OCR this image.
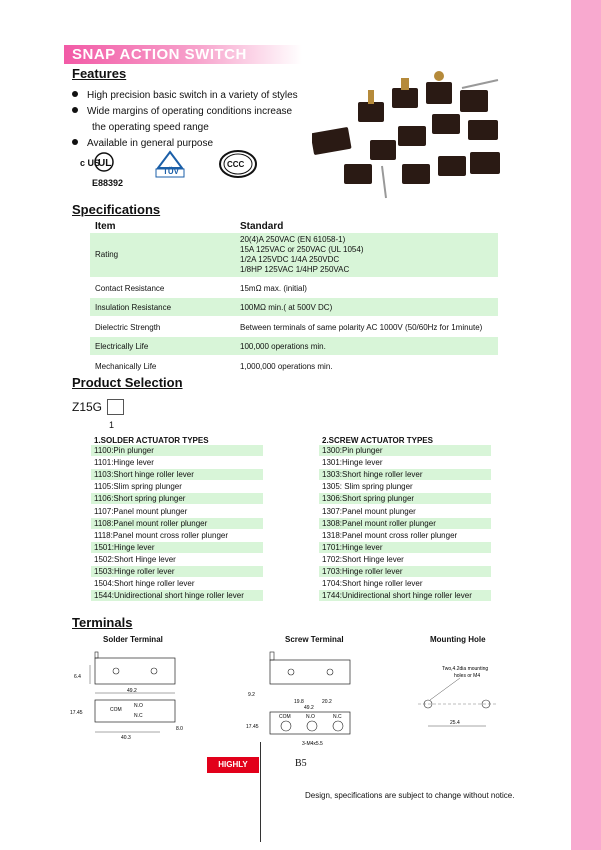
SNAP ACTION SWITCH
Features
High precision basic switch in a variety of styles
Wide margins of operating conditions increase
the operating speed range
Available in general purpose
UL
c US
E88392
TÜV
CCC
Specifications
Item	Standard
Rating
20(4)A 250VAC (EN 61058-1)
15A 125VAC or 250VAC (UL 1054)
1/2A 125VDC 1/4A 250VDC
1/8HP 125VAC 1/4HP 250VAC
Contact Resistance	15mΩ max. (initial)
Insulation Resistance	100MΩ min.( at 500V DC)
Dielectric Strength	Between terminals of same polarity AC 1000V (50/60Hz for 1minute)
Electrically Life	100,000 operations min.
Mechanically Life	1,000,000 operations min.
Product Selection
Z15G
1
1.SOLDER ACTUATOR TYPES	2.SCREW ACTUATOR TYPES
1100:Pin plunger
1101:Hinge lever
1103:Short hinge roller lever
1105:Slim spring plunger
1106:Short spring plunger
1107:Panel mount plunger
1108:Panel mount roller plunger
1118:Panel mount cross roller plunger
1501:Hinge lever
1502:Short Hinge lever
1503:Hinge roller lever
1504:Short hinge roller lever
1544:Unidirectional short hinge roller lever
1300:Pin plunger
1301:Hinge lever
1303:Short hinge roller lever
1305: Slim spring plunger
1306:Short spring plunger
1307:Panel mount plunger
1308:Panel mount roller plunger
1318:Panel mount cross roller plunger
1701:Hinge lever
1702:Short Hinge lever
1703:Hinge roller lever
1704:Short hinge roller lever
1744:Unidirectional short hinge roller lever
Terminals
Solder Terminal	Screw Terminal	Mounting Hole
6.4
49.2
COM
N.O
N.C
17.45
40.3
8.0
9.2
19.8	20.2
49.2
COM	N.O	N.C
17.45
3-M4x5.5
Two,4.2dia mounting
holes or M4
25.4
HIGHLY	B5
Design, specifications are subject to change without notice.
